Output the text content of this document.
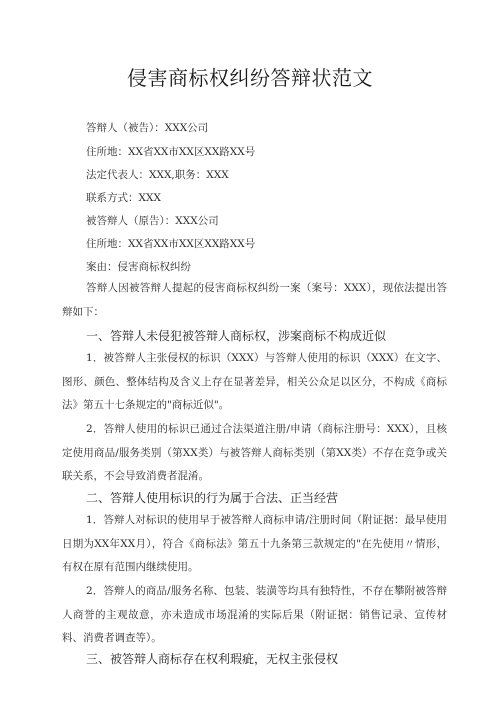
侵害商标权纠纷答辩状范文
答辩人（被告）：XXX公司
住所地：XX省XX市XX区XX路XX号
法定代表人：XXX,职务：XXX
联系方式：XXX
被答辩人（原告）：XXX公司
住所地：XX省XX市XX区XX路XX号
案由：侵害商标权纠纷
答辩人因被答辩人提起的侵害商标权纠纷一案（案号：XXX），现依法提出答辩如下：
一、答辩人未侵犯被答辩人商标权，涉案商标不构成近似
1．被答辩人主张侵权的标识（XXX）与答辩人使用的标识（XXX）在文字、图形、颜色、整体结构及含义上存在显著差异，相关公众足以区分，不构成《商标法》第五十七条规定的"商标近似"。
2．答辩人使用的标识已通过合法渠道注册/申请（商标注册号：XXX），且核定使用商品/服务类别（第XX类）与被答辩人商标类别（第XX类）不存在竞争或关联关系，不会导致消费者混淆。
二、答辩人使用标识的行为属于合法、正当经营
1．答辩人对标识的使用早于被答辩人商标申请/注册时间（附证据：最早使用日期为XX年XX月），符合《商标法》第五十九条第三款规定的"在先使用〃情形，有权在原有范围内继续使用。
2．答辩人的商品/服务名称、包装、装潢等均具有独特性，不存在攀附被答辩人商誉的主观故意，亦未造成市场混淆的实际后果（附证据：销售记录、宣传材料、消费者调查等）。
三、被答辩人商标存在权利瑕疵，无权主张侵权
